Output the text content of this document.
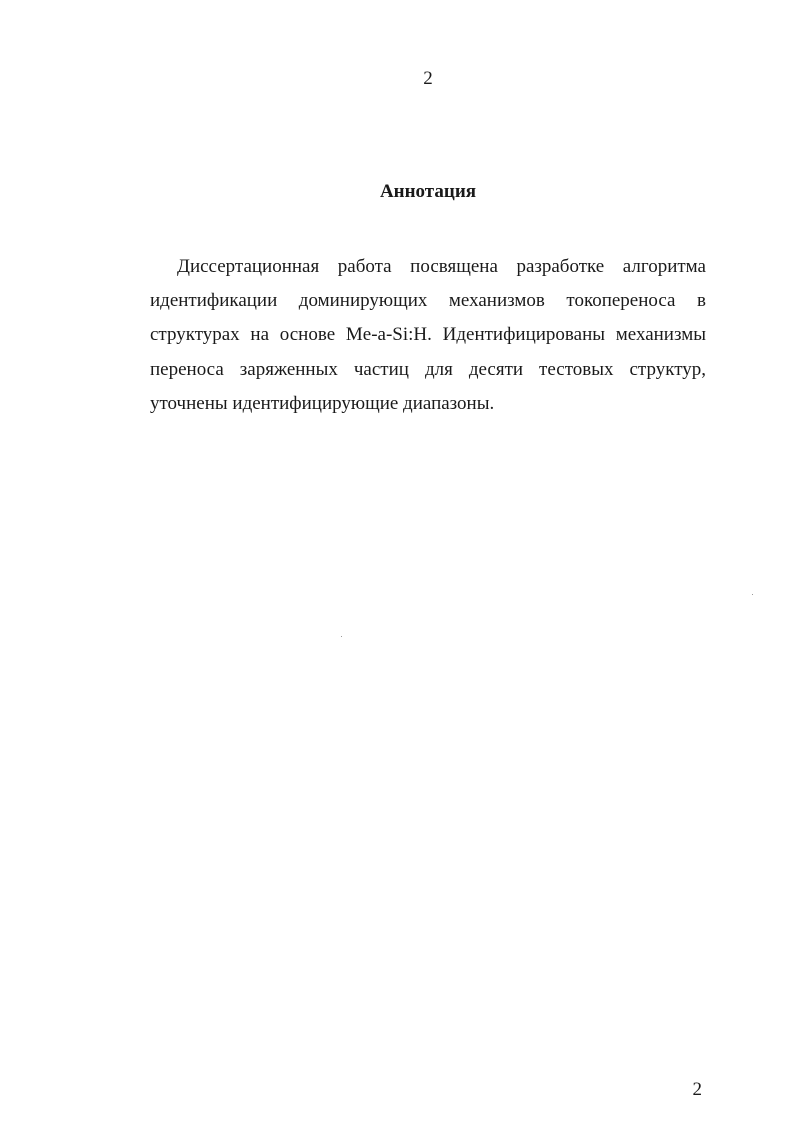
2

Аннотация

Диссертационная работа посвящена разработке алгоритма идентификации доминирующих механизмов токопереноса в структурах на основе Me-a-Si:H. Идентифицированы механизмы переноса заряженных частиц для десяти тестовых структур, уточнены идентифицирующие диапазоны.

2
